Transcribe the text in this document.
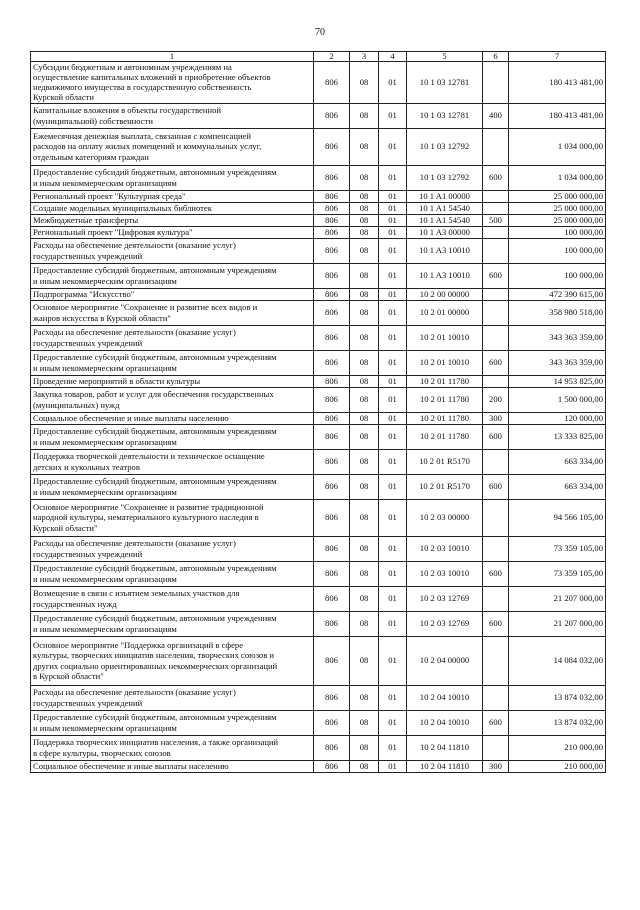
70
1	2	3	4	5	6	7
Субсидии бюджетным и автономным учреждениям на
осуществление капитальных вложений в приобретение объектов
недвижимого имущества в государственную собственность
Курской области	806	08	01	10 1 03 12781		180 413 481,00
Капитальные вложения в объекты государственной
(муниципальной) собственности	806	08	01	10 1 03 12781	400	180 413 481,00
Ежемесячная денежная выплата, связанная с компенсацией
расходов на оплату жилых помещений и коммунальных услуг,
отдельным категориям граждан	806	08	01	10 1 03 12792		1 034 000,00
Предоставление субсидий бюджетным, автономным учреждениям
и иным некоммерческим организациям	806	08	01	10 1 03 12792	600	1 034 000,00
Региональный проект "Культурная среда"	806	08	01	10 1 A1 00000		25 000 000,00
Создание модельных муниципальных библиотек	806	08	01	10 1 A1 54540		25 000 000,00
Межбюджетные трансферты	806	08	01	10 1 A1 54540	500	25 000 000,00
Региональный проект "Цифровая культура"	806	08	01	10 1 A3 00000		100 000,00
Расходы на обеспечение деятельности (оказание услуг)
государственных учреждений	806	08	01	10 1 A3 10010		100 000,00
Предоставление субсидий бюджетным, автономным учреждениям
и иным некоммерческим организациям	806	08	01	10 1 A3 10010	600	100 000,00
Подпрограмма "Искусство"	806	08	01	10 2 00 00000		472 390 615,00
Основное мероприятие "Сохранение и развитие всех видов и
жанров искусства в Курской области"	806	08	01	10 2 01 00000		358 980 518,00
Расходы на обеспечение деятельности (оказание услуг)
государственных учреждений	806	08	01	10 2 01 10010		343 363 359,00
Предоставление субсидий бюджетным, автономным учреждениям
и иным некоммерческим организациям	806	08	01	10 2 01 10010	600	343 363 359,00
Проведение мероприятий в области культуры	806	08	01	10 2 01 11780		14 953 825,00
Закупка товаров, работ и услуг для обеспечения государственных
(муниципальных) нужд	806	08	01	10 2 01 11780	200	1 500 000,00
Социальное обеспечение и иные выплаты населению	806	08	01	10 2 01 11780	300	120 000,00
Предоставление субсидий бюджетным, автономным учреждениям
и иным некоммерческим организациям	806	08	01	10 2 01 11780	600	13 333 825,00
Поддержка творческой деятельности и техническое оснащение
детских и кукольных театров	806	08	01	10 2 01 R5170		663 334,00
Предоставление субсидий бюджетным, автономным учреждениям
и иным некоммерческим организациям	806	08	01	10 2 01 R5170	600	663 334,00
Основное мероприятие "Сохранение и развитие традиционной
народной культуры, нематериального культурного наследия в
Курской области"	806	08	01	10 2 03 00000		94 566 105,00
Расходы на обеспечение деятельности (оказание услуг)
государственных учреждений	806	08	01	10 2 03 10010		73 359 105,00
Предоставление субсидий бюджетным, автономным учреждениям
и иным некоммерческим организациям	806	08	01	10 2 03 10010	600	73 359 105,00
Возмещение в связи с изъятием земельных участков для
государственных нужд	806	08	01	10 2 03 12769		21 207 000,00
Предоставление субсидий бюджетным, автономным учреждениям
и иным некоммерческим организациям	806	08	01	10 2 03 12769	600	21 207 000,00
Основное мероприятие "Поддержка организаций в сфере
культуры, творческих инициатив населения, творческих союзов и
других социально ориентированных некоммерческих организаций
в Курской области"	806	08	01	10 2 04 00000		14 084 032,00
Расходы на обеспечение деятельности (оказание услуг)
государственных учреждений	806	08	01	10 2 04 10010		13 874 032,00
Предоставление субсидий бюджетным, автономным учреждениям
и иным некоммерческим организациям	806	08	01	10 2 04 10010	600	13 874 032,00
Поддержка творческих инициатив населения, а также организаций
в сфере культуры, творческих союзов	806	08	01	10 2 04 11810		210 000,00
Социальное обеспечение и иные выплаты населению	806	08	01	10 2 04 11810	300	210 000,00
